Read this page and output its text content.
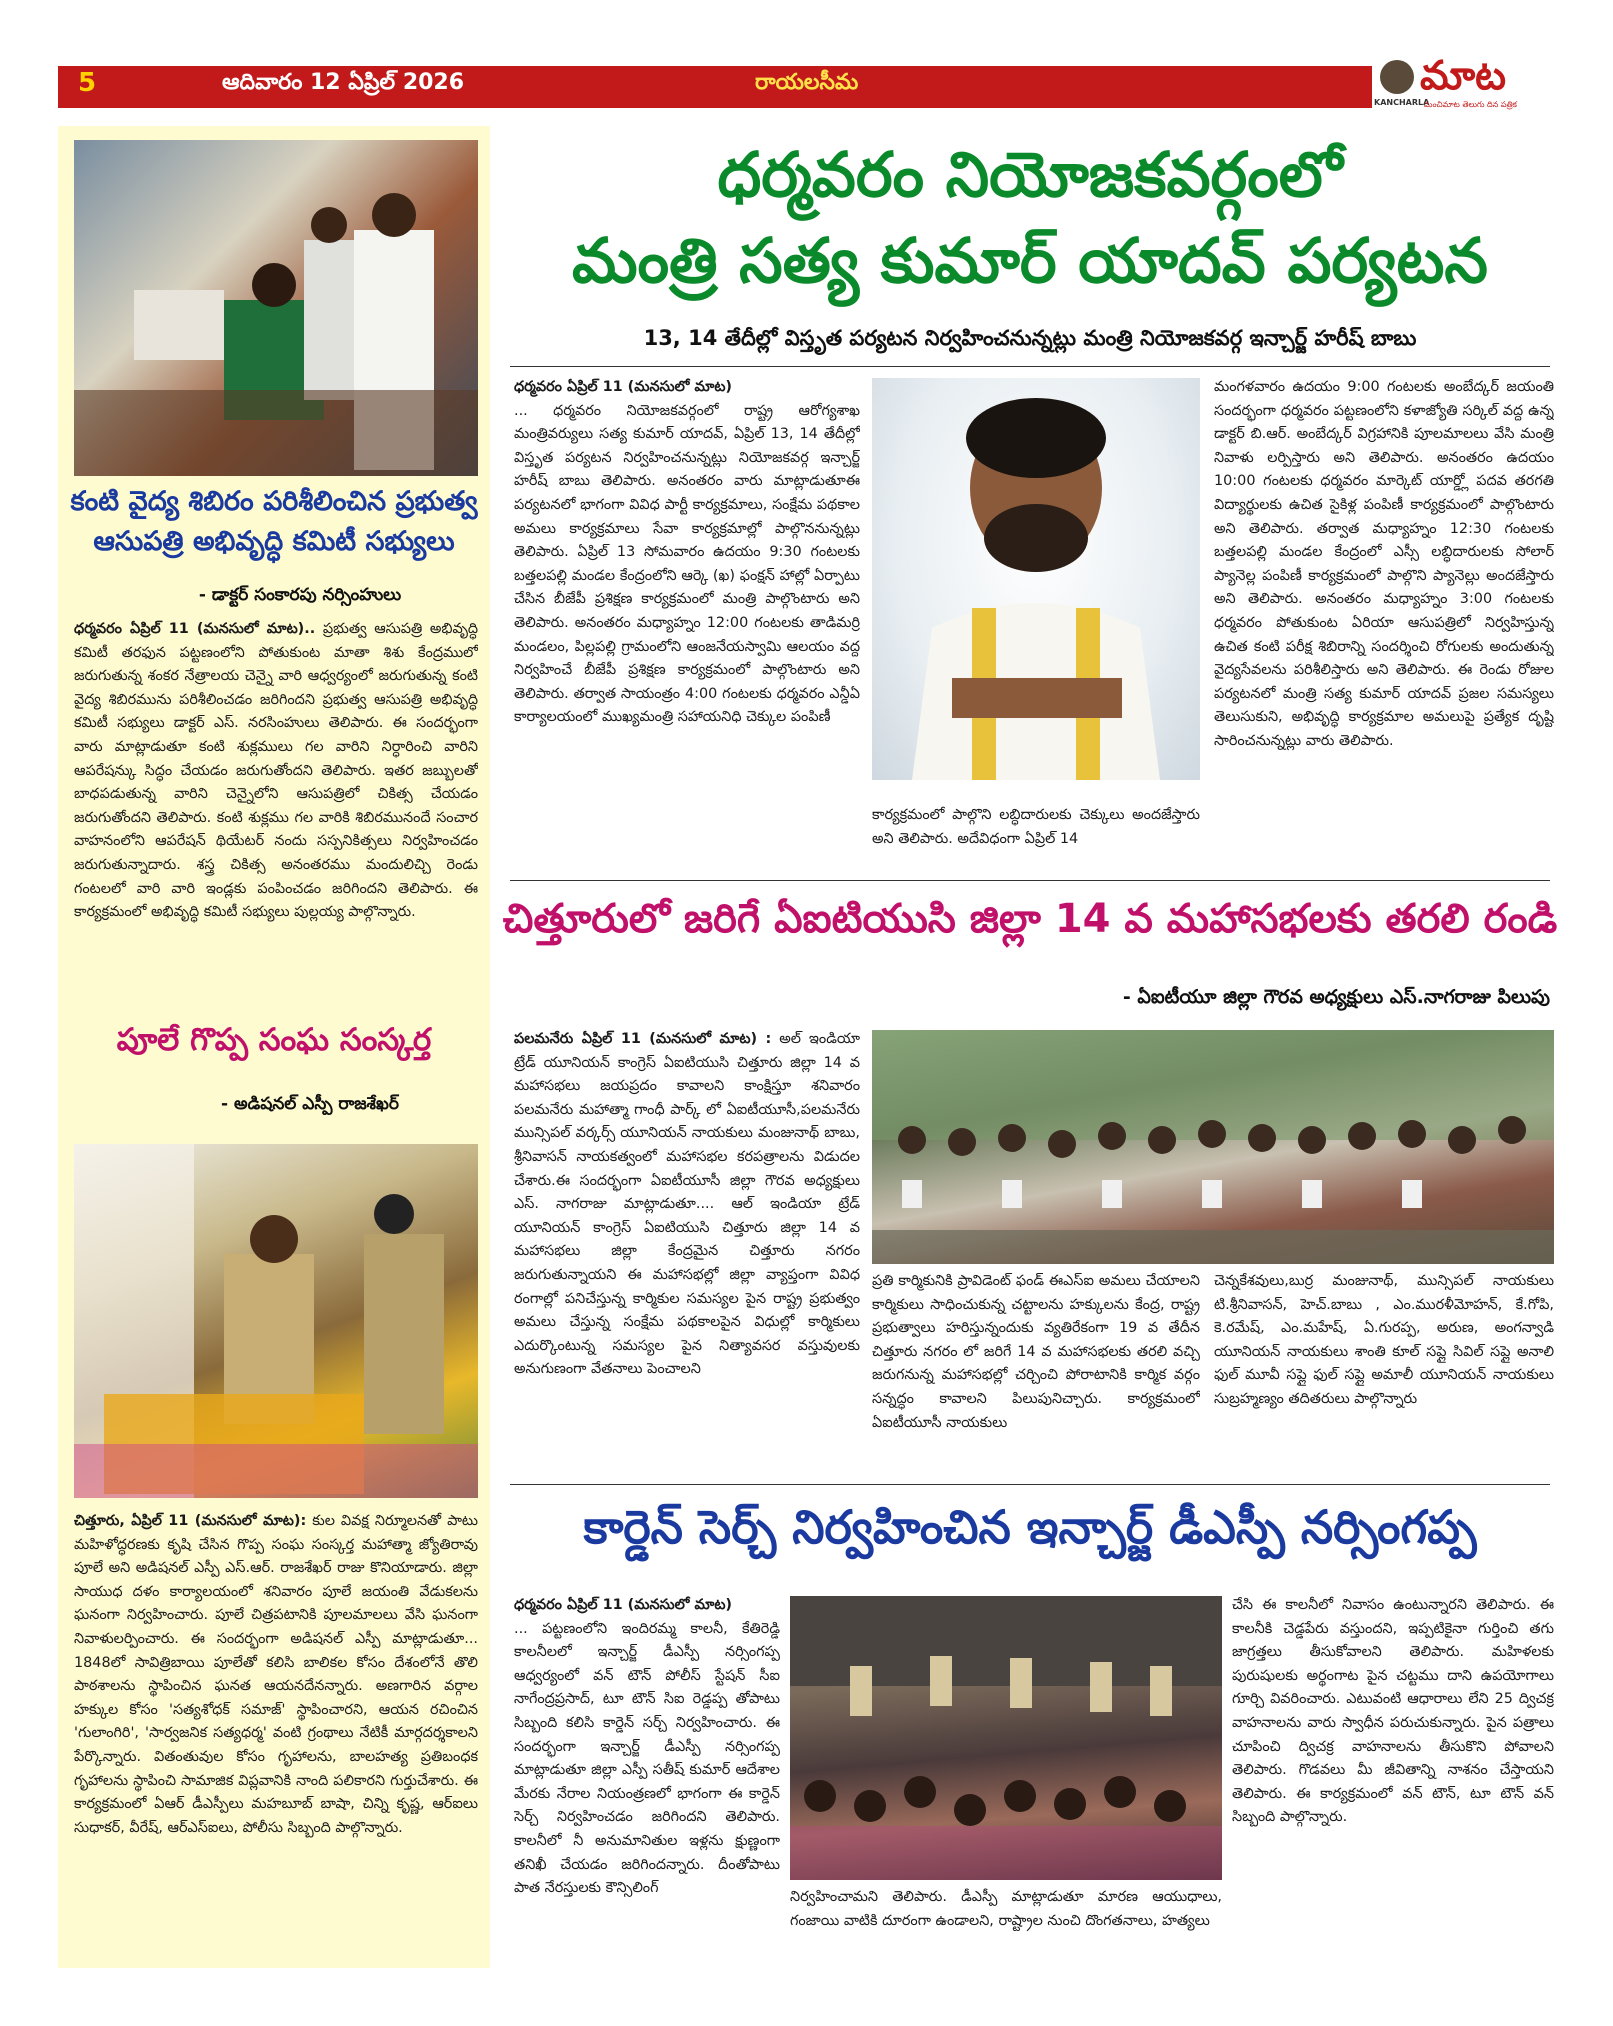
5	ఆదివారం 12 ఏప్రిల్ 2026	రాయలసీమ
KANCHARLA
మాట
మంచిమాట తెలుగు దిన పత్రిక
కంటి వైద్య శిబిరం పరిశీలించిన ప్రభుత్వ
ఆసుపత్రి అభివృద్ధి కమిటీ సభ్యులు
- డాక్టర్ సంకారపు నర్సింహులు
ధర్మవరం ఏప్రిల్ 11 (మనసులో మాట).. ప్రభుత్వ ఆసుపత్రి అభివృద్ధి కమిటీ తరఫున పట్టణంలోని పోతుకుంట మాతా శిశు కేంద్రములో జరుగుతున్న శంకర నేత్రాలయ చెన్నై వారి ఆధ్వర్యంలో జరుగుతున్న కంటి వైద్య శిబిరమును పరిశీలించడం జరిగిందని ప్రభుత్వ ఆసుపత్రి అభివృద్ధి కమిటీ సభ్యులు డాక్టర్ ఎస్. నరసింహులు తెలిపారు. ఈ సందర్భంగా వారు మాట్లాడుతూ కంటి శుక్లములు గల వారిని నిర్ధారించి వారిని ఆపరేషన్కు సిద్ధం చేయడం జరుగుతోందని తెలిపారు. ఇతర జబ్బులతో బాధపడుతున్న వారిని చెన్నైలోని ఆసుపత్రిలో చికిత్స చేయడం జరుగుతోందని తెలిపారు. కంటి శుక్లము గల వారికి శిబిరమునందే సంచార వాహనంలోని ఆపరేషన్ థియేటర్ నందు సస్పనికిత్సలు నిర్వహించడం జరుగుతున్నాదారు. శస్త్ర చికిత్స అనంతరము మందులిచ్చి రెండు గంటలలో వారి వారి ఇండ్లకు పంపించడం జరిగిందని తెలిపారు. ఈ కార్యక్రమంలో అభివృద్ధి కమిటీ సభ్యులు పుల్లయ్య పాల్గొన్నారు.
పూలే గొప్ప సంఘ సంస్కర్త
- అడిషనల్ ఎస్పీ రాజశేఖర్
చిత్తూరు, ఏప్రిల్ 11 (మనసులో మాట): కుల వివక్ష నిర్మూలనతో పాటు మహిళోద్ధరణకు కృషి చేసిన గొప్ప సంఘ సంస్కర్త మహాత్మా జ్యోతిరావు పూలే అని అడిషనల్ ఎస్పీ ఎస్.ఆర్. రాజశేఖర్ రాజు కొనియాడారు. జిల్లా సాయుధ దళం కార్యాలయంలో శనివారం పూలే జయంతి వేడుకలను ఘనంగా నిర్వహించారు. పూలే చిత్రపటానికి పూలమాలలు వేసి ఘనంగా నివాళులర్పించారు. ఈ సందర్భంగా అడిషనల్ ఎస్పీ మాట్లాడుతూ... 1848లో సావిత్రిబాయి పూలేతో కలిసి బాలికల కోసం దేశంలోనే తొలి పాఠశాలను స్థాపించిన ఘనత ఆయనదేనన్నారు. అణగారిన వర్గాల హక్కుల కోసం 'సత్యశోధక్ సమాజ్' స్థాపించారని, ఆయన రచించిన 'గులాంగిరి', 'సార్వజనిక సత్యధర్మ' వంటి గ్రంథాలు నేటికీ మార్గదర్శకాలని పేర్కొన్నారు. వితంతువుల కోసం గృహాలను, బాలహత్య ప్రతిబంధక గృహాలను స్థాపించి సామాజిక విప్లవానికి నాంది పలికారని గుర్తుచేశారు. ఈ కార్యక్రమంలో ఏఆర్ డీఎస్పీలు మహబూబ్ బాషా, చిన్ని కృష్ణ, ఆర్ఐలు సుధాకర్, వీరేష్, ఆర్ఎస్ఐలు, పోలీసు సిబ్బంది పాల్గొన్నారు.
ధర్మవరం నియోజకవర్గంలో
మంత్రి సత్య కుమార్ యాదవ్ పర్యటన
13, 14 తేదీల్లో విస్తృత పర్యటన నిర్వహించనున్నట్లు మంత్రి నియోజకవర్గ ఇన్చార్జ్ హరీష్ బాబు
ధర్మవరం ఏప్రిల్ 11 (మనసులో మాట)
... ధర్మవరం నియోజకవర్గంలో రాష్ట్ర ఆరోగ్యశాఖ మంత్రివర్యులు సత్య కుమార్ యాదవ్, ఏప్రిల్ 13, 14 తేదీల్లో విస్తృత పర్యటన నిర్వహించనున్నట్లు నియోజకవర్గ ఇన్చార్జ్ హరీష్ బాబు తెలిపారు. అనంతరం వారు మాట్లాడుతూఈ పర్యటనలో భాగంగా వివిధ పార్టీ కార్యక్రమాలు, సంక్షేమ పథకాల అమలు కార్యక్రమాలు సేవా కార్యక్రమాల్లో పాల్గొననున్నట్లు తెలిపారు. ఏప్రిల్ 13 సోమవారం ఉదయం 9:30 గంటలకు బత్తలపల్లి మండల కేంద్రంలోని ఆర్కె (ఖ) ఫంక్షన్ హాల్లో ఏర్పాటు చేసిన బీజేపీ ప్రశిక్షణ కార్యక్రమంలో మంత్రి పాల్గొంటారు అని తెలిపారు. అనంతరం మధ్యాహ్నం 12:00 గంటలకు తాడిమర్రి మండలం, పిల్లపల్లి గ్రామంలోని ఆంజనేయస్వామి ఆలయం వద్ద నిర్వహించే బీజేపీ ప్రశిక్షణ కార్యక్రమంలో పాల్గొంటారు అని తెలిపారు. తర్వాత సాయంత్రం 4:00 గంటలకు ధర్మవరం ఎన్డీఏ కార్యాలయంలో ముఖ్యమంత్రి సహాయనిధి చెక్కుల పంపిణీ
కార్యక్రమంలో పాల్గొని లబ్ధిదారులకు చెక్కులు అందజేస్తారు అని తెలిపారు. అదేవిధంగా ఏప్రిల్ 14
మంగళవారం ఉదయం 9:00 గంటలకు అంబేద్కర్ జయంతి సందర్భంగా ధర్మవరం పట్టణంలోని కళాజ్యోతి సర్కిల్ వద్ద ఉన్న డాక్టర్ బి.ఆర్. అంబేద్కర్ విగ్రహానికి పూలమాలలు వేసి మంత్రి నివాళు లర్పిస్తారు అని తెలిపారు. అనంతరం ఉదయం 10:00 గంటలకు ధర్మవరం మార్కెట్ యార్డ్లో పదవ తరగతి విద్యార్థులకు ఉచిత సైకిళ్ల పంపిణీ కార్యక్రమంలో పాల్గొంటారు అని తెలిపారు. తర్వాత మధ్యాహ్నం 12:30 గంటలకు బత్తలపల్లి మండల కేంద్రంలో ఎస్సీ లబ్ధిదారులకు సోలార్ ప్యానెల్ల పంపిణీ కార్యక్రమంలో పాల్గొని ప్యానెల్లు అందజేస్తారు అని తెలిపారు. అనంతరం మధ్యాహ్నం 3:00 గంటలకు ధర్మవరం పోతుకుంట ఏరియా ఆసుపత్రిలో నిర్వహిస్తున్న ఉచిత కంటి పరీక్ష శిబిరాన్ని సందర్శించి రోగులకు అందుతున్న వైద్యసేవలను పరిశీలిస్తారు అని తెలిపారు. ఈ రెండు రోజుల పర్యటనలో మంత్రి సత్య కుమార్ యాదవ్ ప్రజల సమస్యలు తెలుసుకుని, అభివృద్ధి కార్యక్రమాల అమలుపై ప్రత్యేక దృష్టి సారించనున్నట్లు వారు తెలిపారు.
చిత్తూరులో జరిగే ఏఐటియుసి జిల్లా 14 వ మహాసభలకు తరలి రండి
- ఏఐటీయూ జిల్లా గౌరవ అధ్యక్షులు ఎస్.నాగరాజు పిలుపు
పలమనేరు ఏప్రిల్ 11 (మనసులో మాట) : అల్ ఇండియా ట్రేడ్ యూనియన్ కాంగ్రెస్ ఏఐటియుసి చిత్తూరు జిల్లా 14 వ మహాసభలు జయప్రదం కావాలని కాంక్షిస్తూ శనివారం పలమనేరు మహాత్మా గాంధీ పార్క్ లో ఏఐటీయూసీ,పలమనేరు మున్సిపల్ వర్కర్స్ యూనియన్ నాయకులు మంజునాథ్ బాబు, శ్రీనివాసన్ నాయకత్వంలో మహాసభల కరపత్రాలను విడుదల చేశారు.ఈ సందర్భంగా ఏఐటీయూసీ జిల్లా గౌరవ అధ్యక్షులు ఎస్. నాగరాజు మాట్లాడుతూ.... ఆల్ ఇండియా ట్రేడ్ యూనియన్ కాంగ్రెస్ ఏఐటియుసి చిత్తూరు జిల్లా 14 వ మహాసభలు జిల్లా కేంద్రమైన చిత్తూరు నగరం జరుగుతున్నాయని ఈ మహాసభల్లో జిల్లా వ్యాప్తంగా వివిధ రంగాల్లో పనిచేస్తున్న కార్మికుల సమస్యల పైన రాష్ట్ర ప్రభుత్వం అమలు చేస్తున్న సంక్షేమ పథకాలపైన విధుల్లో కార్మికులు ఎదుర్కొంటున్న సమస్యల పైన నిత్యావసర వస్తువులకు అనుగుణంగా వేతనాలు పెంచాలని
ప్రతి కార్మికునికి ప్రావిడెంట్ ఫండ్ ఈఎస్ఐ అమలు చేయాలని కార్మికులు సాధించుకున్న చట్టాలను హక్కులను కేంద్ర, రాష్ట్ర ప్రభుత్వాలు హరిస్తున్నందుకు వ్యతిరేకంగా 19 వ తేదీన చిత్తూరు నగరం లో జరిగే 14 వ మహాసభలకు తరలి వచ్చి జరుగనున్న మహాసభల్లో చర్చించి పోరాటానికి కార్మిక వర్గం సన్నద్ధం కావాలని పిలుపునిచ్చారు. కార్యక్రమంలో ఏఐటీయూసీ నాయకులు
చెన్నకేశవులు,బుర్ర మంజునాథ్, మున్సిపల్ నాయకులు టి.శ్రీనివాసన్, హెచ్.బాబు , ఎం.మురళీమోహన్, కే.గోపి, కె.రమేష్, ఎం.మహేష్, ఏ.గురప్ప, అరుణ, అంగన్వాడి యూనియన్ నాయకులు శాంతి కూల్ సప్లై సివిల్ సప్లై అనాలి ఫుల్ మూవీ సప్లై ఫుల్ సప్లై అమాలీ యూనియన్ నాయకులు సుబ్రహ్మణ్యం తదితరులు పాల్గొన్నారు
కార్డెన్ సెర్చ్ నిర్వహించిన ఇన్చార్జ్ డీఎస్పీ నర్సింగప్ప
ధర్మవరం ఏప్రిల్ 11 (మనసులో మాట)
... పట్టణంలోని ఇందిరమ్మ కాలనీ, కేతిరెడ్డి కాలనీలలో ఇన్చార్జ్ డీఎస్పీ నర్సింగప్ప ఆధ్వర్యంలో వన్ టౌన్ పోలీస్ స్టేషన్ సీఐ నాగేంద్రప్రసాద్, టూ టౌన్ సిఐ రెడ్డప్ప తోపాటు సిబ్బంది కలిసి కార్డెన్ సర్చ్ నిర్వహించారు. ఈ సందర్భంగా ఇన్చార్జ్ డీఎస్పీ నర్సింగప్ప మాట్లాడుతూ జిల్లా ఎస్పీ సతీష్ కుమార్ ఆదేశాల మేరకు నేరాల నియంత్రణలో భాగంగా ఈ కార్డెన్ సెర్చ్ నిర్వహించడం జరిగిందని తెలిపారు. కాలనీలో నీ అనుమానితుల ఇళ్లను క్షుణ్ణంగా తనిఖీ చేయడం జరిగిందన్నారు. దీంతోపాటు పాత నేరస్తులకు కౌన్సిలింగ్
నిర్వహించామని తెలిపారు. డీఎస్పీ మాట్లాడుతూ మారణ ఆయుధాలు, గంజాయి వాటికి దూరంగా ఉండాలని, రాష్ట్రాల నుంచి దొంగతనాలు, హత్యలు
చేసి ఈ కాలనీలో నివాసం ఉంటున్నారని తెలిపారు. ఈ కాలనీకి చెడ్డపేరు వస్తుందని, ఇప్పటికైనా గుర్తించి తగు జాగ్రత్తలు తీసుకోవాలని తెలిపారు. మహిళలకు పురుషులకు అర్థంగాట పైన చట్టము దాని ఉపయోగాలు గూర్చి వివరించారు. ఎటువంటి ఆధారాలు లేని 25 ద్విచక్ర వాహనాలను వారు స్వాధీన పరుచుకున్నారు. పైన పత్రాలు చూపించి ద్విచక్ర వాహనాలను తీసుకొని పోవాలని తెలిపారు. గొడవలు మీ జీవితాన్ని నాశనం చేస్తాయని తెలిపారు. ఈ కార్యక్రమంలో వన్ టౌన్, టూ టౌన్ వన్ సిబ్బంది పాల్గొన్నారు.
